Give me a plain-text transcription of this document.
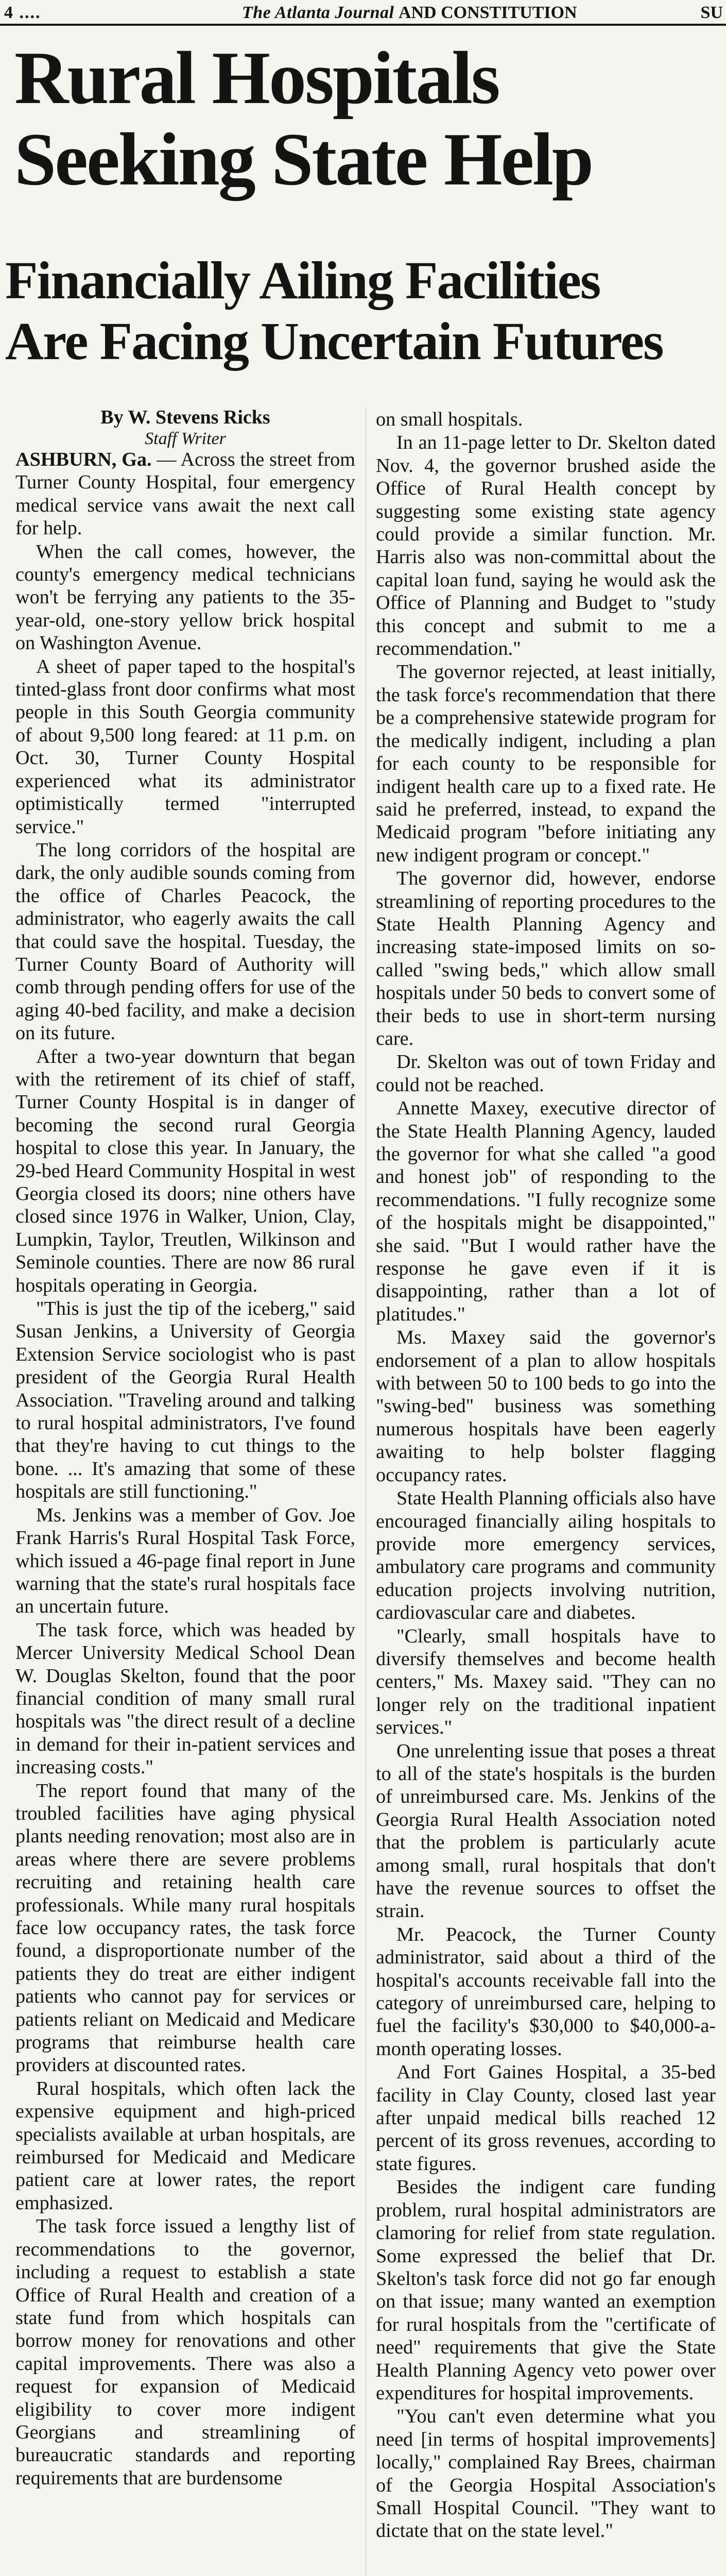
4 ....	The Atlanta Journal AND CONSTITUTION	SU
Rural Hospitals
Seeking State Help
Financially Ailing Facilities
Are Facing Uncertain Futures
By W. Stevens Ricks
Staff Writer

ASHBURN, Ga. — Across the street from Turner County Hospital, four emergency medical service vans await the next call for help.

When the call comes, however, the county's emergency medical technicians won't be ferrying any patients to the 35-year-old, one-story yellow brick hospital on Washington Avenue.

A sheet of paper taped to the hospital's tinted-glass front door confirms what most people in this South Georgia community of about 9,500 long feared: at 11 p.m. on Oct. 30, Turner County Hospital experienced what its administrator optimistically termed "interrupted service."

The long corridors of the hospital are dark, the only audible sounds coming from the office of Charles Peacock, the administrator, who eagerly awaits the call that could save the hospital. Tuesday, the Turner County Board of Authority will comb through pending offers for use of the aging 40-bed facility, and make a decision on its future.

After a two-year downturn that began with the retirement of its chief of staff, Turner County Hospital is in danger of becoming the second rural Georgia hospital to close this year. In January, the 29-bed Heard Community Hospital in west Georgia closed its doors; nine others have closed since 1976 in Walker, Union, Clay, Lumpkin, Taylor, Treutlen, Wilkinson and Seminole counties. There are now 86 rural hospitals operating in Georgia.

"This is just the tip of the iceberg," said Susan Jenkins, a University of Georgia Extension Service sociologist who is past president of the Georgia Rural Health Association. "Traveling around and talking to rural hospital administrators, I've found that they're having to cut things to the bone. ... It's amazing that some of these hospitals are still functioning."

Ms. Jenkins was a member of Gov. Joe Frank Harris's Rural Hospital Task Force, which issued a 46-page final report in June warning that the state's rural hospitals face an uncertain future.

The task force, which was headed by Mercer University Medical School Dean W. Douglas Skelton, found that the poor financial condition of many small rural hospitals was "the direct result of a decline in demand for their in-patient services and increasing costs."

The report found that many of the troubled facilities have aging physical plants needing renovation; most also are in areas where there are severe problems recruiting and retaining health care professionals. While many rural hospitals face low occupancy rates, the task force found, a disproportionate number of the patients they do treat are either indigent patients who cannot pay for services or patients reliant on Medicaid and Medicare programs that reimburse health care providers at discounted rates.

Rural hospitals, which often lack the expensive equipment and high-priced specialists available at urban hospitals, are reimbursed for Medicaid and Medicare patient care at lower rates, the report emphasized.

The task force issued a lengthy list of recommendations to the governor, including a request to establish a state Office of Rural Health and creation of a state fund from which hospitals can borrow money for renovations and other capital improvements. There was also a request for expansion of Medicaid eligibility to cover more indigent Georgians and streamlining of bureaucratic standards and reporting requirements that are burdensome

on small hospitals.

In an 11-page letter to Dr. Skelton dated Nov. 4, the governor brushed aside the Office of Rural Health concept by suggesting some existing state agency could provide a similar function. Mr. Harris also was non-committal about the capital loan fund, saying he would ask the Office of Planning and Budget to "study this concept and submit to me a recommendation."

The governor rejected, at least initially, the task force's recommendation that there be a comprehensive statewide program for the medically indigent, including a plan for each county to be responsible for indigent health care up to a fixed rate. He said he preferred, instead, to expand the Medicaid program "before initiating any new indigent program or concept."

The governor did, however, endorse streamlining of reporting procedures to the State Health Planning Agency and increasing state-imposed limits on so-called "swing beds," which allow small hospitals under 50 beds to convert some of their beds to use in short-term nursing care.

Dr. Skelton was out of town Friday and could not be reached.

Annette Maxey, executive director of the State Health Planning Agency, lauded the governor for what she called "a good and honest job" of responding to the recommendations. "I fully recognize some of the hospitals might be disappointed," she said. "But I would rather have the response he gave even if it is disappointing, rather than a lot of platitudes."

Ms. Maxey said the governor's endorsement of a plan to allow hospitals with between 50 to 100 beds to go into the "swing-bed" business was something numerous hospitals have been eagerly awaiting to help bolster flagging occupancy rates.

State Health Planning officials also have encouraged financially ailing hospitals to provide more emergency services, ambulatory care programs and community education projects involving nutrition, cardiovascular care and diabetes.

"Clearly, small hospitals have to diversify themselves and become health centers," Ms. Maxey said. "They can no longer rely on the traditional inpatient services."

One unrelenting issue that poses a threat to all of the state's hospitals is the burden of unreimbursed care. Ms. Jenkins of the Georgia Rural Health Association noted that the problem is particularly acute among small, rural hospitals that don't have the revenue sources to offset the strain.

Mr. Peacock, the Turner County administrator, said about a third of the hospital's accounts receivable fall into the category of unreimbursed care, helping to fuel the facility's $30,000 to $40,000-a-month operating losses.

And Fort Gaines Hospital, a 35-bed facility in Clay County, closed last year after unpaid medical bills reached 12 percent of its gross revenues, according to state figures.

Besides the indigent care funding problem, rural hospital administrators are clamoring for relief from state regulation. Some expressed the belief that Dr. Skelton's task force did not go far enough on that issue; many wanted an exemption for rural hospitals from the "certificate of need" requirements that give the State Health Planning Agency veto power over expenditures for hospital improvements.

"You can't even determine what you need [in terms of hospital improvements] locally," complained Ray Brees, chairman of the Georgia Hospital Association's Small Hospital Council. "They want to dictate that on the state level."
